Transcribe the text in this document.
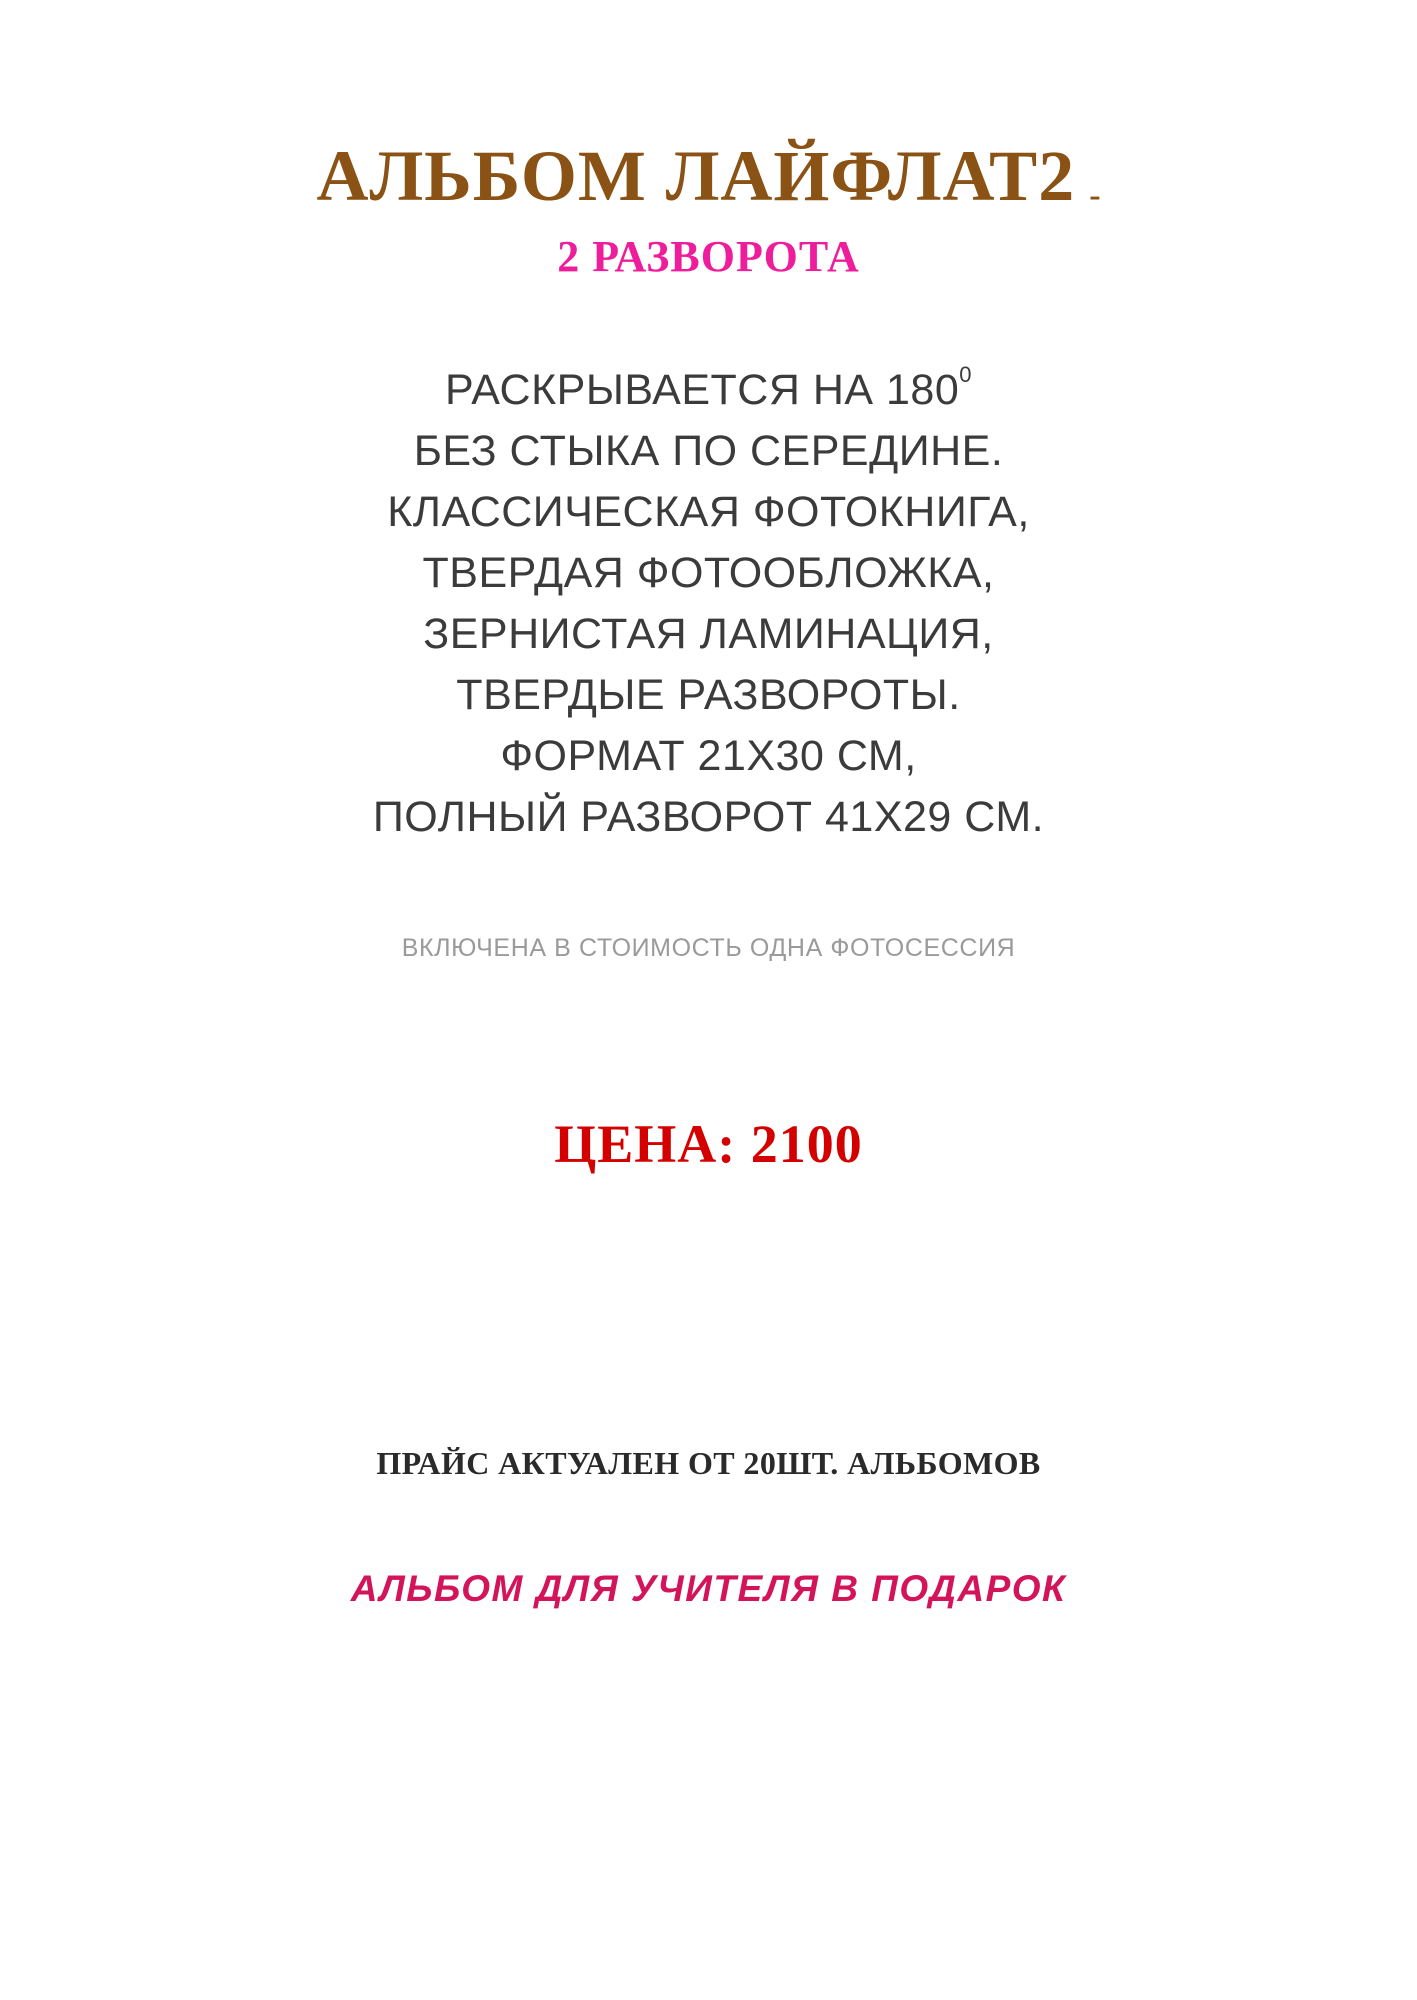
АЛЬБОМ ЛАЙФЛАТ2 -
2 РАЗВОРОТА
РАСКРЫВАЕТСЯ НА $180^0$
БЕЗ СТЫКА ПО СЕРЕДИНЕ.
КЛАССИЧЕСКАЯ ФОТОКНИГА,
ТВЕРДАЯ ФОТООБЛОЖКА,
ЗЕРНИСТАЯ ЛАМИНАЦИЯ,
ТВЕРДЫЕ РАЗВОРОТЫ.
ФОРМАТ 21Х30 СМ,
ПОЛНЫЙ РАЗВОРОТ 41Х29 СМ.
ВКЛЮЧЕНА В СТОИМОСТЬ ОДНА ФОТОСЕССИЯ
ЦЕНА: 2100
ПРАЙС АКТУАЛЕН ОТ 20ШТ. АЛЬБОМОВ
АЛЬБОМ ДЛЯ УЧИТЕЛЯ В ПОДАРОК
